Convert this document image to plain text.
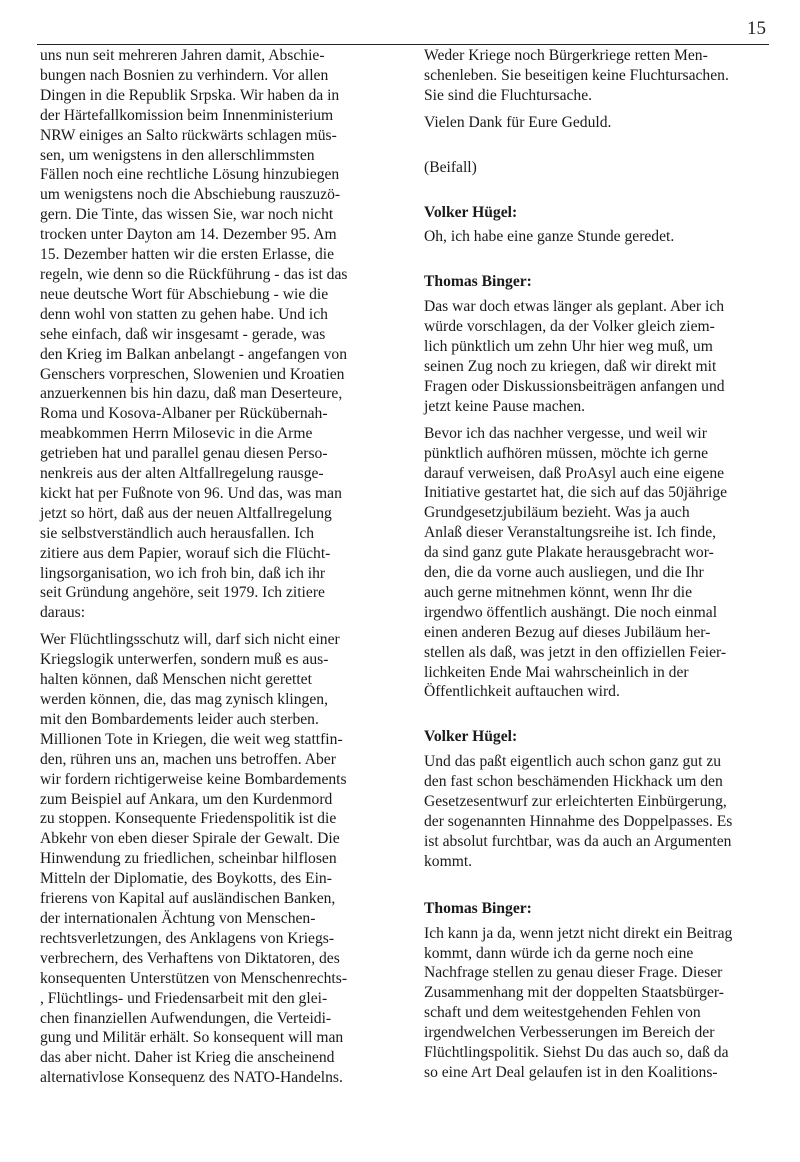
15
uns nun seit mehreren Jahren damit, Abschie-
bungen nach Bosnien zu verhindern. Vor allen
Dingen in die Republik Srpska. Wir haben da in
der Härtefallkomission beim Innenministerium
NRW einiges an Salto rückwärts schlagen müs-
sen, um wenigstens in den allerschlimmsten
Fällen noch eine rechtliche Lösung hinzubiegen
um wenigstens noch die Abschiebung rauszuzö-
gern. Die Tinte, das wissen Sie, war noch nicht
trocken unter Dayton am 14. Dezember 95. Am
15. Dezember hatten wir die ersten Erlasse, die
regeln, wie denn so die Rückführung - das ist das
neue deutsche Wort für Abschiebung - wie die
denn wohl von statten zu gehen habe. Und ich
sehe einfach, daß wir insgesamt - gerade, was
den Krieg im Balkan anbelangt - angefangen von
Genschers vorpreschen, Slowenien und Kroatien
anzuerkennen bis hin dazu, daß man Deserteure,
Roma und Kosova-Albaner per Rückübernah-
meabkommen Herrn Milosevic in die Arme
getrieben hat und parallel genau diesen Perso-
nenkreis aus der alten Altfallregelung rausge-
kickt hat per Fußnote von 96. Und das, was man
jetzt so hört, daß aus der neuen Altfallregelung
sie selbstverständlich auch herausfallen. Ich
zitiere aus dem Papier, worauf sich die Flücht-
lingsorganisation, wo ich froh bin, daß ich ihr
seit Gründung angehöre, seit 1979. Ich zitiere
daraus:
Wer Flüchtlingsschutz will, darf sich nicht einer
Kriegslogik unterwerfen, sondern muß es aus-
halten können, daß Menschen nicht gerettet
werden können, die, das mag zynisch klingen,
mit den Bombardements leider auch sterben.
Millionen Tote in Kriegen, die weit weg stattfin-
den, rühren uns an, machen uns betroffen. Aber
wir fordern richtigerweise keine Bombardements
zum Beispiel auf Ankara, um den Kurdenmord
zu stoppen. Konsequente Friedenspolitik ist die
Abkehr von eben dieser Spirale der Gewalt. Die
Hinwendung zu friedlichen, scheinbar hilflosen
Mitteln der Diplomatie, des Boykotts, des Ein-
frierens von Kapital auf ausländischen Banken,
der internationalen Ächtung von Menschen-
rechtsverletzungen, des Anklagens von Kriegs-
verbrechern, des Verhaftens von Diktatoren, des
konsequenten Unterstützen von Menschenrechts-
, Flüchtlings- und Friedensarbeit mit den glei-
chen finanziellen Aufwendungen, die Verteidi-
gung und Militär erhält. So konsequent will man
das aber nicht. Daher ist Krieg die anscheinend
alternativlose Konsequenz des NATO-Handelns.
Weder Kriege noch Bürgerkriege retten Men-
schenleben. Sie beseitigen keine Fluchtursachen.
Sie sind die Fluchtursache.
Vielen Dank für Eure Geduld.
(Beifall)
Volker Hügel:
Oh, ich habe eine ganze Stunde geredet.
Thomas Binger:
Das war doch etwas länger als geplant. Aber ich
würde vorschlagen, da der Volker gleich ziem-
lich pünktlich um zehn Uhr hier weg muß, um
seinen Zug noch zu kriegen, daß wir direkt mit
Fragen oder Diskussionsbeiträgen anfangen und
jetzt keine Pause machen.
Bevor ich das nachher vergesse, und weil wir
pünktlich aufhören müssen, möchte ich gerne
darauf verweisen, daß ProAsyl auch eine eigene
Initiative gestartet hat, die sich auf das 50jährige
Grundgesetzjubiläum bezieht. Was ja auch
Anlaß dieser Veranstaltungsreihe ist. Ich finde,
da sind ganz gute Plakate herausgebracht wor-
den, die da vorne auch ausliegen, und die Ihr
auch gerne mitnehmen könnt, wenn Ihr die
irgendwo öffentlich aushängt. Die noch einmal
einen anderen Bezug auf dieses Jubiläum her-
stellen als daß, was jetzt in den offiziellen Feier-
lichkeiten Ende Mai wahrscheinlich in der
Öffentlichkeit auftauchen wird.
Volker Hügel:
Und das paßt eigentlich auch schon ganz gut zu
den fast schon beschämenden Hickhack um den
Gesetzesentwurf zur erleichterten Einbürgerung,
der sogenannten Hinnahme des Doppelpasses. Es
ist absolut furchtbar, was da auch an Argumenten
kommt.
Thomas Binger:
Ich kann ja da, wenn jetzt nicht direkt ein Beitrag
kommt, dann würde ich da gerne noch eine
Nachfrage stellen zu genau dieser Frage. Dieser
Zusammenhang mit der doppelten Staatsbürger-
schaft und dem weitestgehenden Fehlen von
irgendwelchen Verbesserungen im Bereich der
Flüchtlingspolitik. Siehst Du das auch so, daß da
so eine Art Deal gelaufen ist in den Koalitions-
